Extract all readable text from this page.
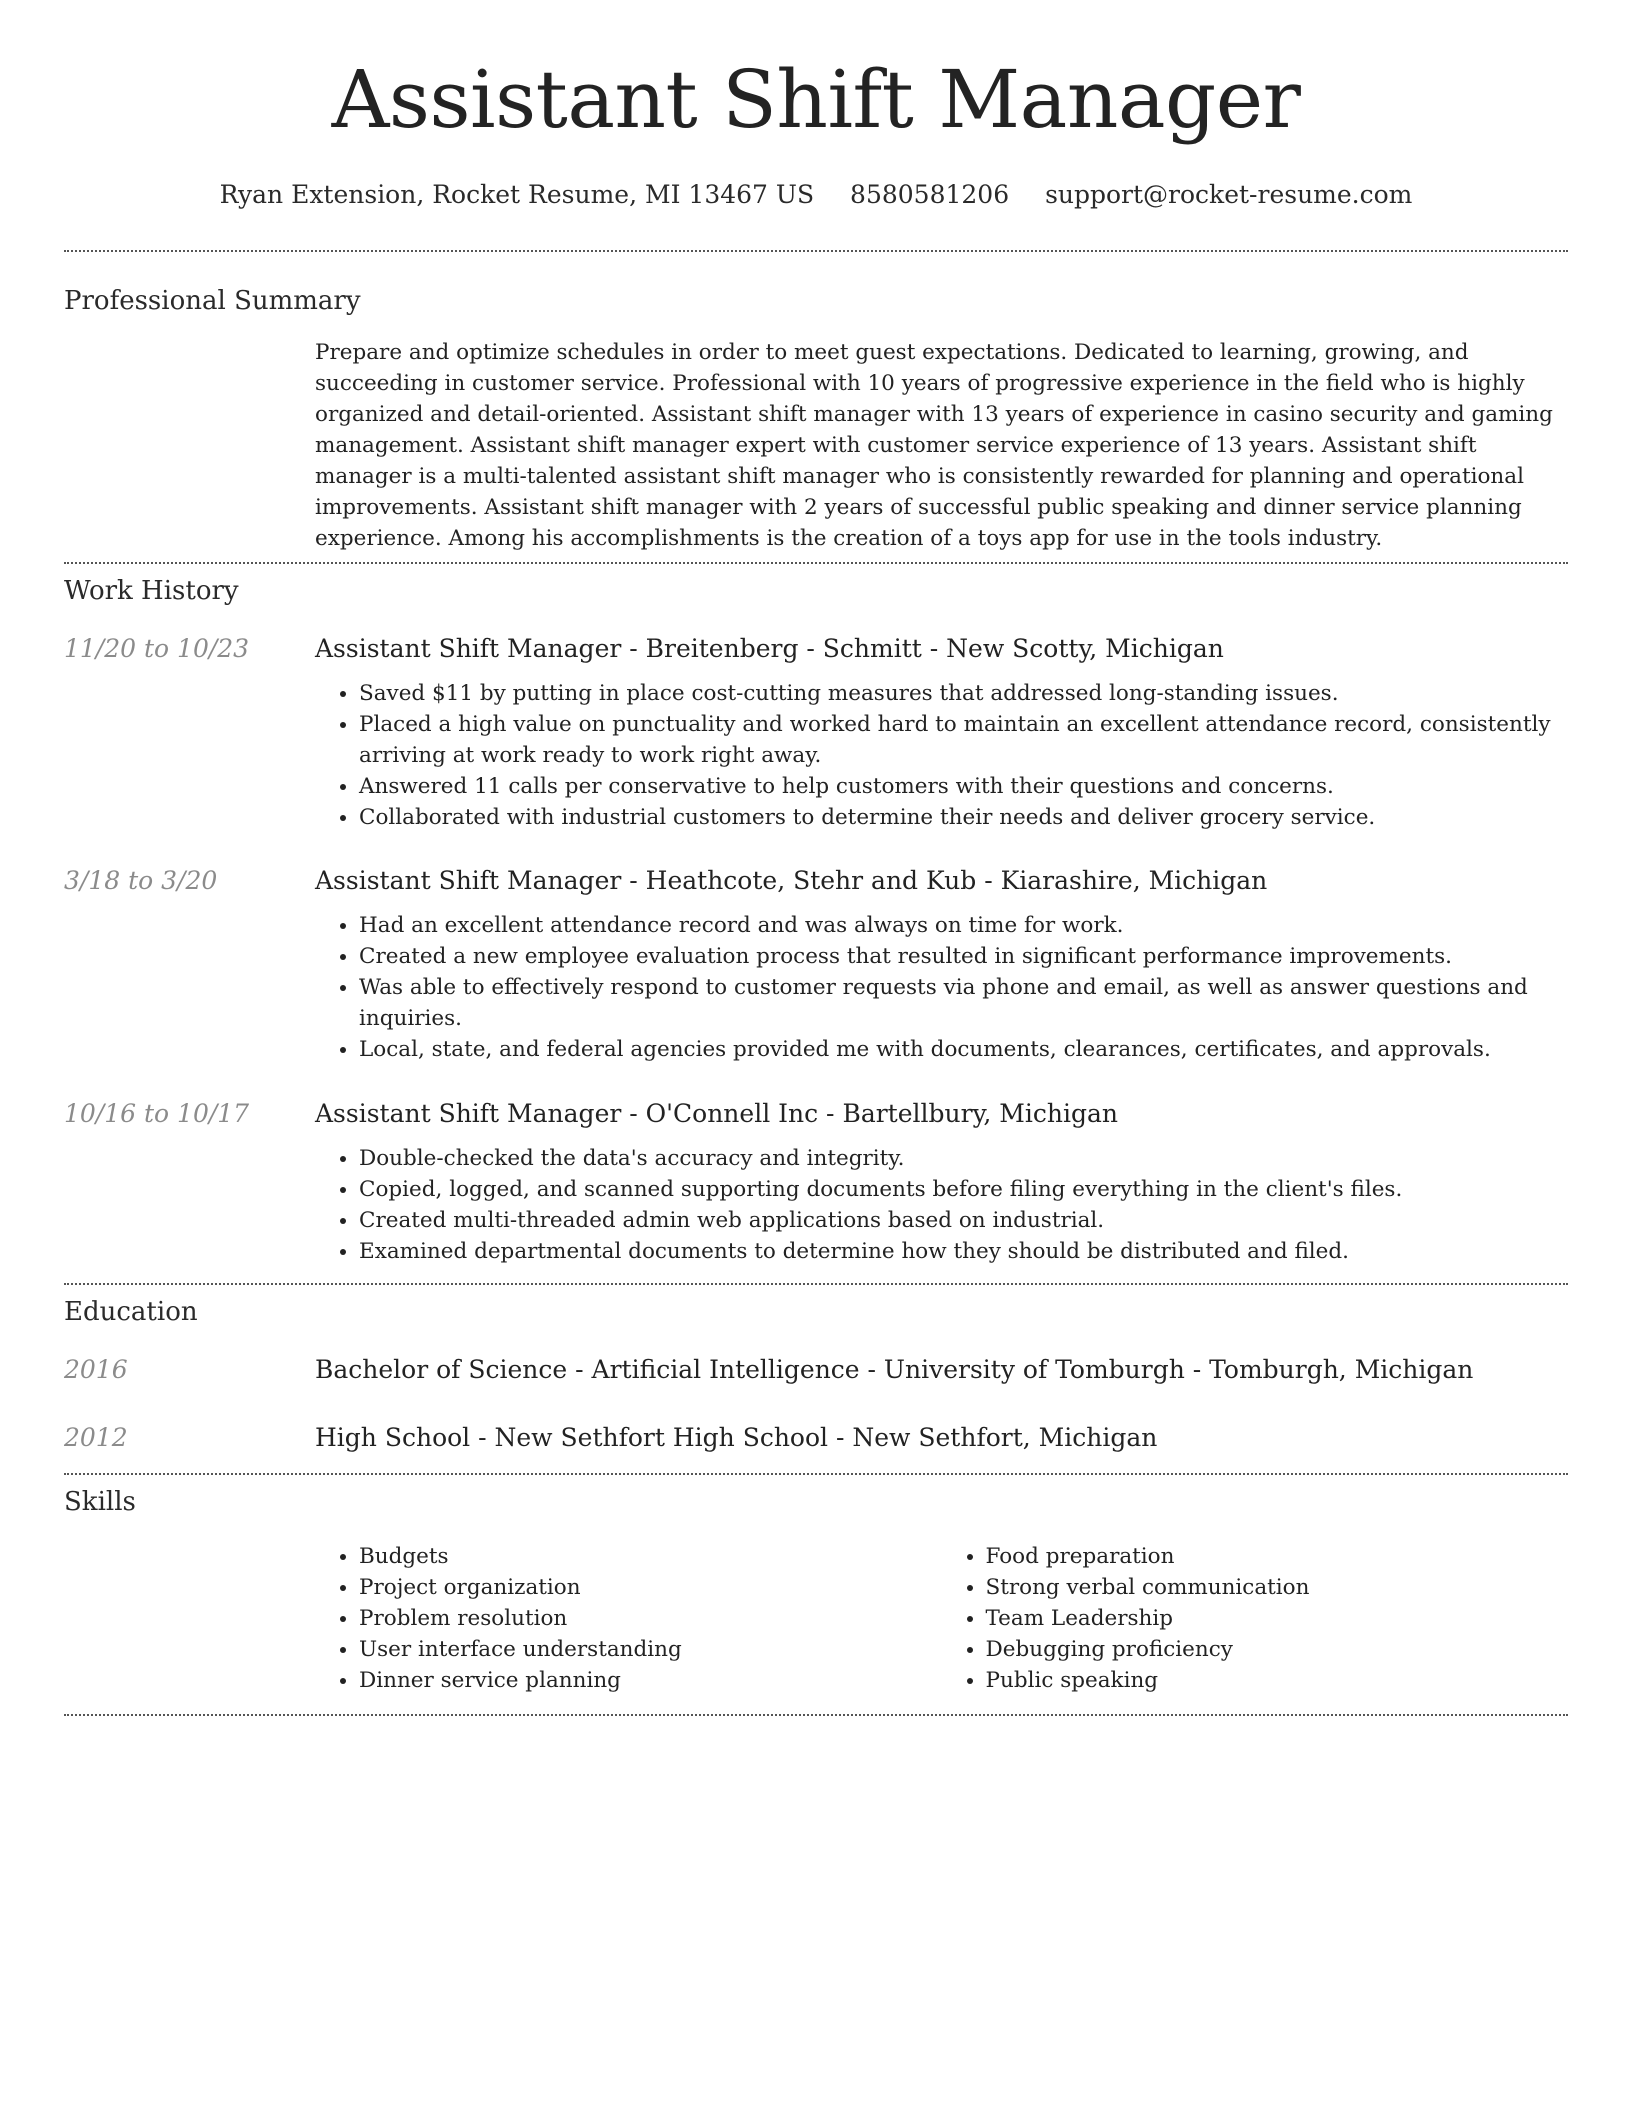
Assistant Shift Manager
Ryan Extension, Rocket Resume, MI 13467 US 8580581206 support@rocket-resume.com
Professional Summary

Prepare and optimize schedules in order to meet guest expectations. Dedicated to learning, growing, and succeeding in customer service. Professional with 10 years of progressive experience in the field who is highly organized and detail-oriented. Assistant shift manager with 13 years of experience in casino security and gaming management. Assistant shift manager expert with customer service experience of 13 years. Assistant shift manager is a multi-talented assistant shift manager who is consistently rewarded for planning and operational improvements. Assistant shift manager with 2 years of successful public speaking and dinner service planning experience. Among his accomplishments is the creation of a toys app for use in the tools industry.

Work History
11/20 to 10/23	Assistant Shift Manager - Breitenberg - Schmitt - New Scotty, Michigan
• Saved $11 by putting in place cost-cutting measures that addressed long-standing issues.
• Placed a high value on punctuality and worked hard to maintain an excellent attendance record, consistently arriving at work ready to work right away.
• Answered 11 calls per conservative to help customers with their questions and concerns.
• Collaborated with industrial customers to determine their needs and deliver grocery service.
3/18 to 3/20	Assistant Shift Manager - Heathcote, Stehr and Kub - Kiarashire, Michigan
• Had an excellent attendance record and was always on time for work.
• Created a new employee evaluation process that resulted in significant performance improvements.
• Was able to effectively respond to customer requests via phone and email, as well as answer questions and inquiries.
• Local, state, and federal agencies provided me with documents, clearances, certificates, and approvals.
10/16 to 10/17	Assistant Shift Manager - O'Connell Inc - Bartellbury, Michigan
• Double-checked the data's accuracy and integrity.
• Copied, logged, and scanned supporting documents before filing everything in the client's files.
• Created multi-threaded admin web applications based on industrial.
• Examined departmental documents to determine how they should be distributed and filed.
Education
2016	Bachelor of Science - Artificial Intelligence - University of Tomburgh - Tomburgh, Michigan
2012	High School - New Sethfort High School - New Sethfort, Michigan
Skills
• Budgets
• Project organization
• Problem resolution
• User interface understanding
• Dinner service planning
• Food preparation
• Strong verbal communication
• Team Leadership
• Debugging proficiency
• Public speaking
